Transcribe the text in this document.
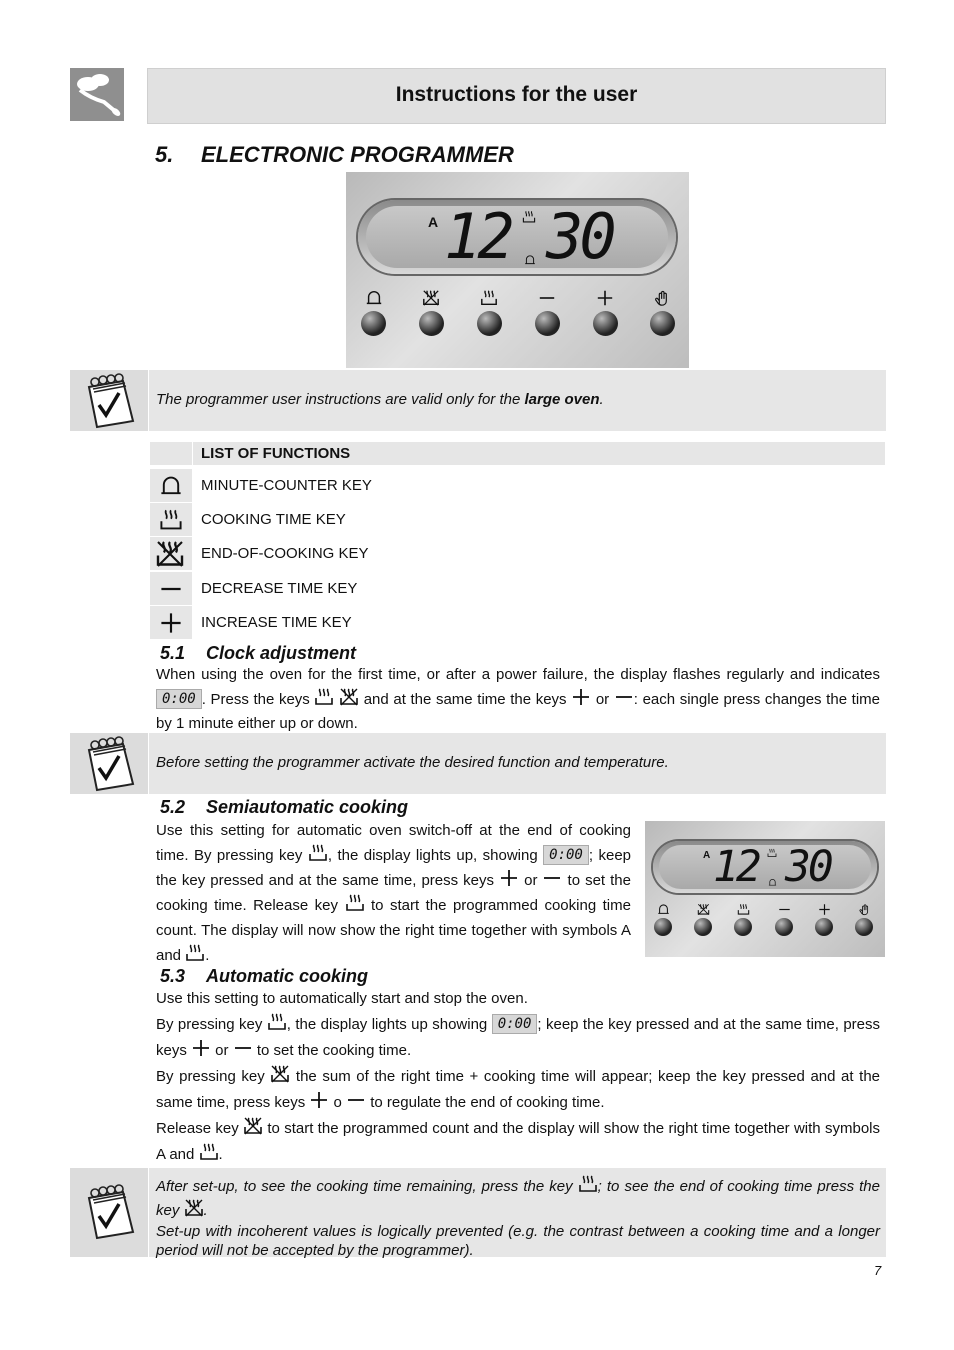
Instructions for the user
5. ELECTRONIC PROGRAMMER
A 12 30
The programmer user instructions are valid only for the large oven.
LIST OF FUNCTIONS
MINUTE-COUNTER KEY
COOKING TIME KEY
END-OF-COOKING KEY
DECREASE TIME KEY
INCREASE TIME KEY
5.1 Clock adjustment
When using the oven for the first time, or after a power failure, the display flashes regularly and indicates 0:00 . Press the keys	and at the same time the keys  or : each single press changes the time by 1 minute either up or down.
Before setting the programmer activate the desired function and temperature.
5.2 Semiautomatic cooking
Use this setting for automatic oven switch-off at the end of cooking time. By pressing key , the display lights up, showing 0:00 ; keep the key pressed and at the same time, press keys  or  to set the cooking time. Release key  to start the programmed cooking time count. The display will now show the right time together with symbols A and .
A 12 30
5.3 Automatic cooking
Use this setting to automatically start and stop the oven.
By pressing key , the display lights up showing 0:00 ; keep the key pressed and at the same time, press keys  or  to set the cooking time.
By pressing key  the sum of the right time + cooking time will appear; keep the key pressed and at the same time, press keys  o  to regulate the end of cooking time.
Release key  to start the programmed count and the display will show the right time together with symbols A and .
After set-up, to see the cooking time remaining, press the key ; to see the end of cooking time press the key .
Set-up with incoherent values is logically prevented (e.g. the contrast between a cooking time and a longer period will not be accepted by the programmer).
7
